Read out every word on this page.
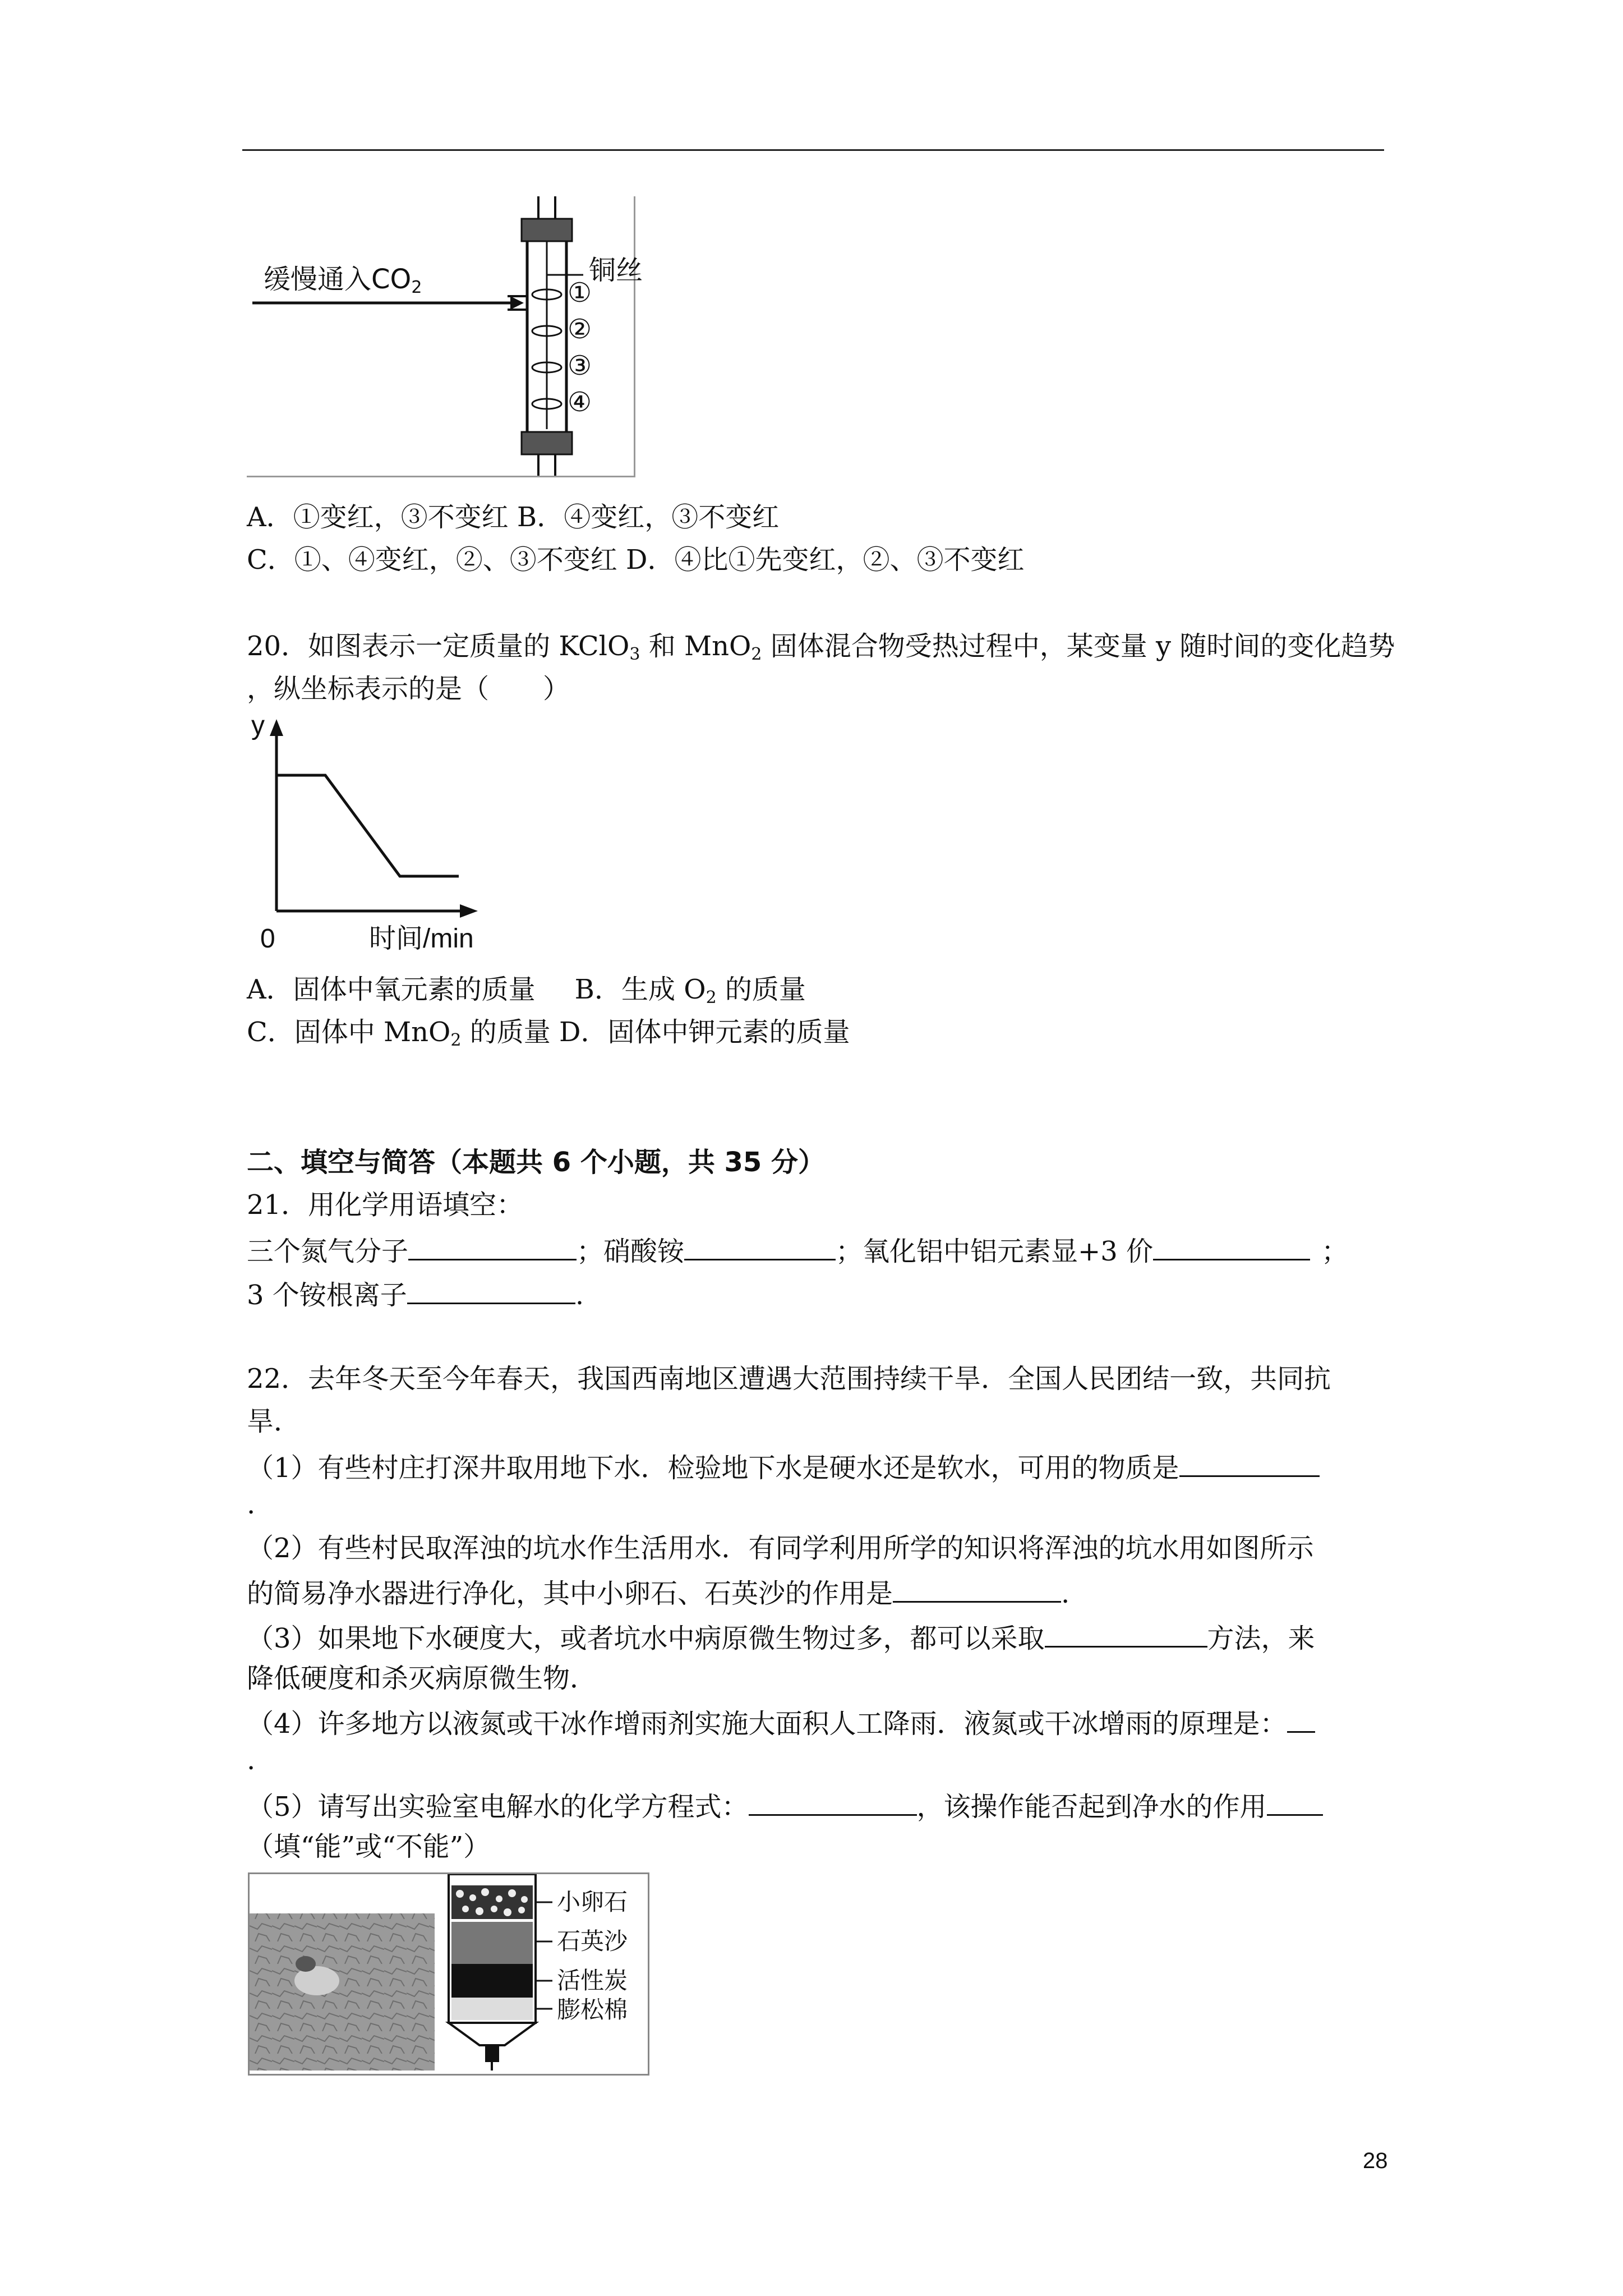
缓慢通入$CO_2$
铜丝
①
②
③
④
A．①变红，③不变红 B．④变红，③不变红
C．①、④变红，②、③不变红 D．④比①先变红，②、③不变红
20．如图表示一定质量的 KClO$_3$ 和 MnO$_2$ 固体混合物受热过程中，某变量 y 随时间的变化趋势
，纵坐标表示的是（　　）
y
0	时间/min
A．固体中氧元素的质量 B．生成 $O_2$ 的质量
C．固体中 MnO$_2$ 的质量 D．固体中钾元素的质量
二、填空与简答（本题共 6 个小题，共 35 分）
21．用化学用语填空：
三个氮气分子	；硝酸铵	；氧化铝中铝元素显+3 价	；
3 个铵根离子	.
22．去年冬天至今年春天，我国西南地区遭遇大范围持续干旱．全国人民团结一致，共同抗
旱．
（1）有些村庄打深井取用地下水．检验地下水是硬水还是软水，可用的物质是
.
（2）有些村民取浑浊的坑水作生活用水．有同学利用所学的知识将浑浊的坑水用如图所示
的简易净水器进行净化，其中小卵石、石英沙的作用是	.
（3）如果地下水硬度大，或者坑水中病原微生物过多，都可以采取	方法，来
降低硬度和杀灭病原微生物．
（4）许多地方以液氮或干冰作增雨剂实施大面积人工降雨．液氮或干冰增雨的原理是：
.
（5）请写出实验室电解水的化学方程式：	，该操作能否起到净水的作用
（填“能”或“不能”）
小卵石
石英沙
活性炭
膨松棉
28
